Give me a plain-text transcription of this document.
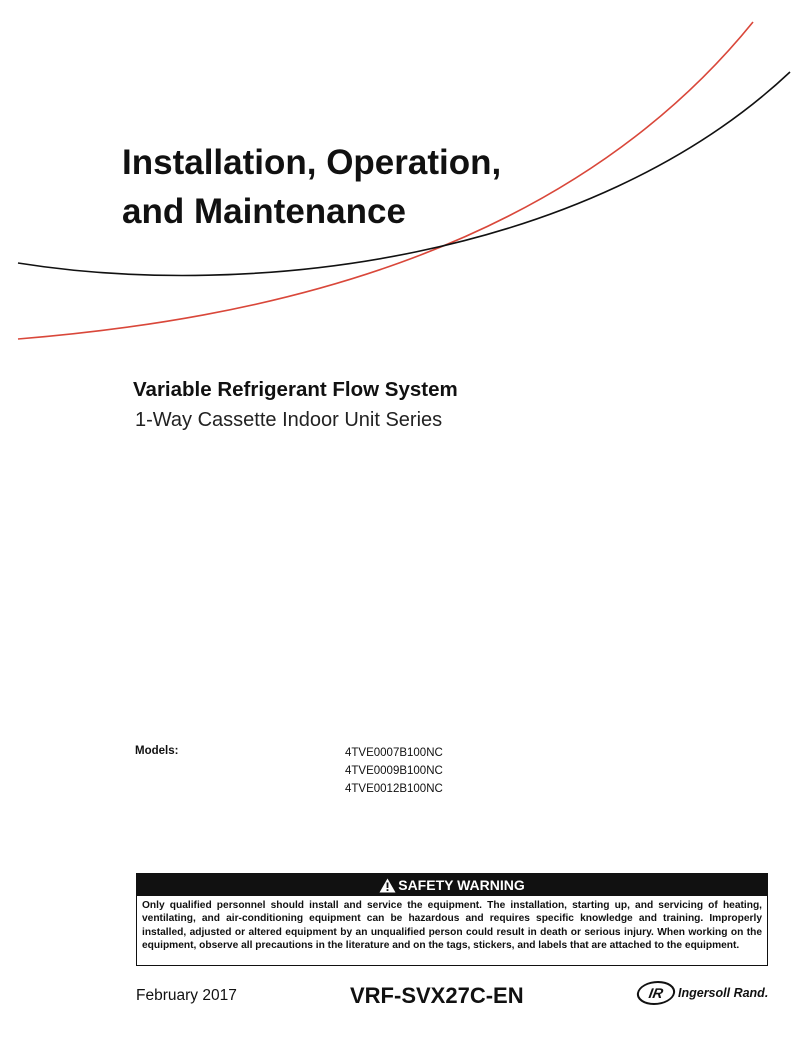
Installation, Operation,
and Maintenance
Variable Refrigerant Flow System
1-Way Cassette Indoor Unit Series
Models:	4TVE0007B100NC
4TVE0009B100NC
4TVE0012B100NC
SAFETY WARNING
Only qualified personnel should install and service the equipment. The installation, starting up, and servicing of heating, ventilating, and air-conditioning equipment can be hazardous and requires specific knowledge and training. Improperly installed, adjusted or altered equipment by an unqualified person could result in death or serious injury. When working on the equipment, observe all precautions in the literature and on the tags, stickers, and labels that are attached to the equipment.
February 2017	VRF-SVX27C-EN	IR	Ingersoll Rand.
